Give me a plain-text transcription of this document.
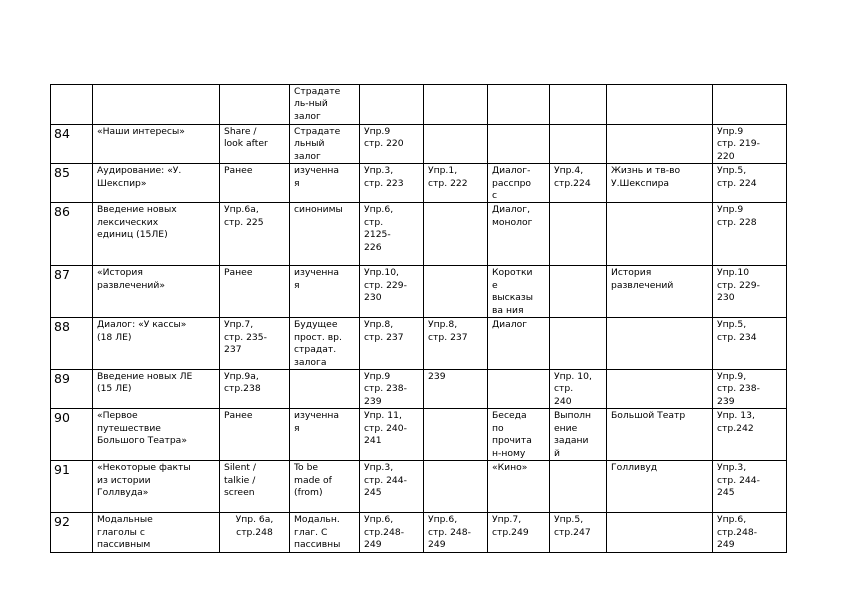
			Страдате
ль-ный
залог						
84	«Наши интересы»	Share /
look after	Страдате
льный
залог	Упр.9
стр. 220					Упр.9
стр. 219-
220
85	Аудирование: «У.
Шекспир»	Ранее	изученна
я	Упр.3,
стр. 223	Упр.1,
стр. 222	Диалог-
расспро
с	Упр.4,
стр.224	Жизнь и тв-во
У.Шекспира	Упр.5,
стр. 224
86	Введение новых
лексических
единиц (15ЛЕ)	Упр.6а,
стр. 225	синонимы	Упр.6,
стр.
2125-
226		Диалог,
монолог			Упр.9
стр. 228
87	«История
развлечений»	Ранее	изученна
я	Упр.10,
стр. 229-
230		Коротки
е
высказы
ва ния		История
развлечений	Упр.10
стр. 229-
230
88	Диалог: «У кассы»
(18 ЛЕ)	Упр.7,
стр. 235-
237	Будущее
прост. вр.
страдат.
залога	Упр.8,
стр. 237	Упр.8,
стр. 237	Диалог			Упр.5,
стр. 234
89	Введение новых ЛЕ
(15 ЛЕ)	Упр.9а,
стр.238		Упр.9
стр. 238-
239	239		Упр. 10,
стр.
240		Упр.9,
стр. 238-
239
90	«Первое
путешествие
Большого Театра»	Ранее	изученна
я	Упр. 11,
стр. 240-
241		Беседа
по
прочита
н-ному	Выполн
ение
задани
й	Большой Театр	Упр. 13,
стр.242
91	«Некоторые факты
из истории
Голлвуда»	Silent /
talkie /
screen	To be
made of
(from)	Упр.3,
стр. 244-
245		«Кино»		Голливуд	Упр.3,
стр. 244-
245
92	Модальные
глаголы с
пассивным	Упр. 6а,
стр.248	Модальн.
глаг. С
пассивны	Упр.6,
стр.248-
249	Упр.6,
стр. 248-
249	Упр.7,
стр.249	Упр.5,
стр.247		Упр.6,
стр.248-
249
